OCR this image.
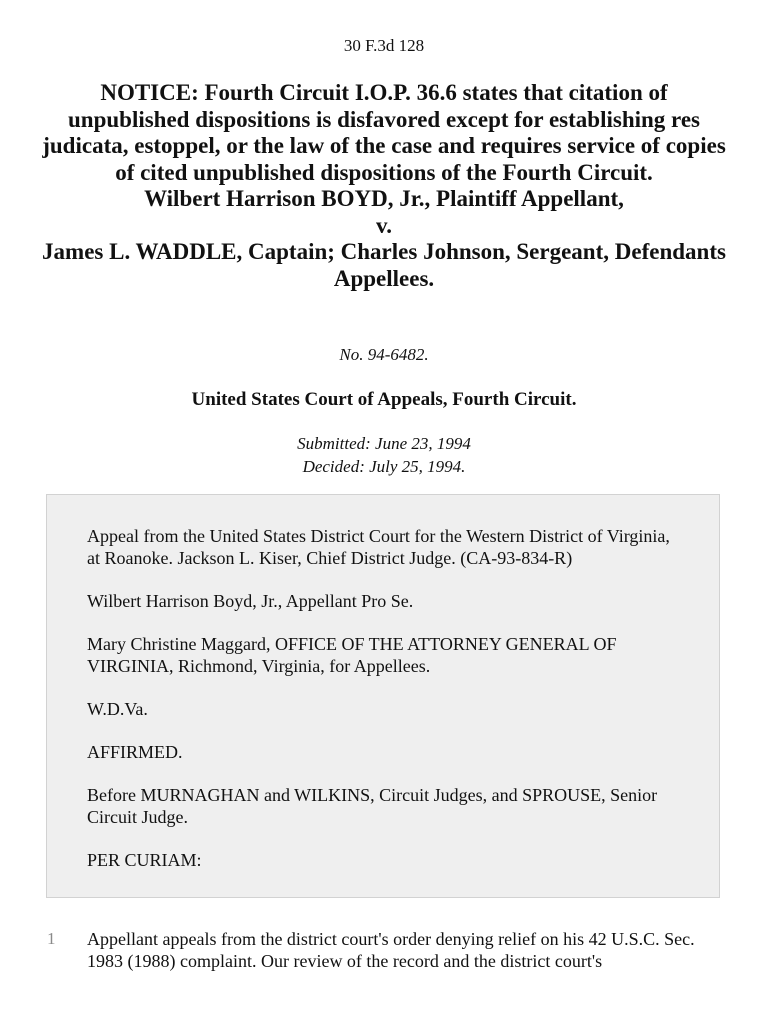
30 F.3d 128
NOTICE: Fourth Circuit I.O.P. 36.6 states that citation of unpublished dispositions is disfavored except for establishing res judicata, estoppel, or the law of the case and requires service of copies of cited unpublished dispositions of the Fourth Circuit.
Wilbert Harrison BOYD, Jr., Plaintiff Appellant,
v.
James L. WADDLE, Captain; Charles Johnson, Sergeant, Defendants Appellees.
No. 94-6482.
United States Court of Appeals, Fourth Circuit.
Submitted: June 23, 1994
Decided: July 25, 1994.

Appeal from the United States District Court for the Western District of Virginia, at Roanoke. Jackson L. Kiser, Chief District Judge. (CA-93-834-R)

Wilbert Harrison Boyd, Jr., Appellant Pro Se.

Mary Christine Maggard, OFFICE OF THE ATTORNEY GENERAL OF VIRGINIA, Richmond, Virginia, for Appellees.

W.D.Va.

AFFIRMED.

Before MURNAGHAN and WILKINS, Circuit Judges, and SPROUSE, Senior Circuit Judge.

PER CURIAM:

1 Appellant appeals from the district court's order denying relief on his 42 U.S.C. Sec. 1983 (1988) complaint. Our review of the record and the district court's
